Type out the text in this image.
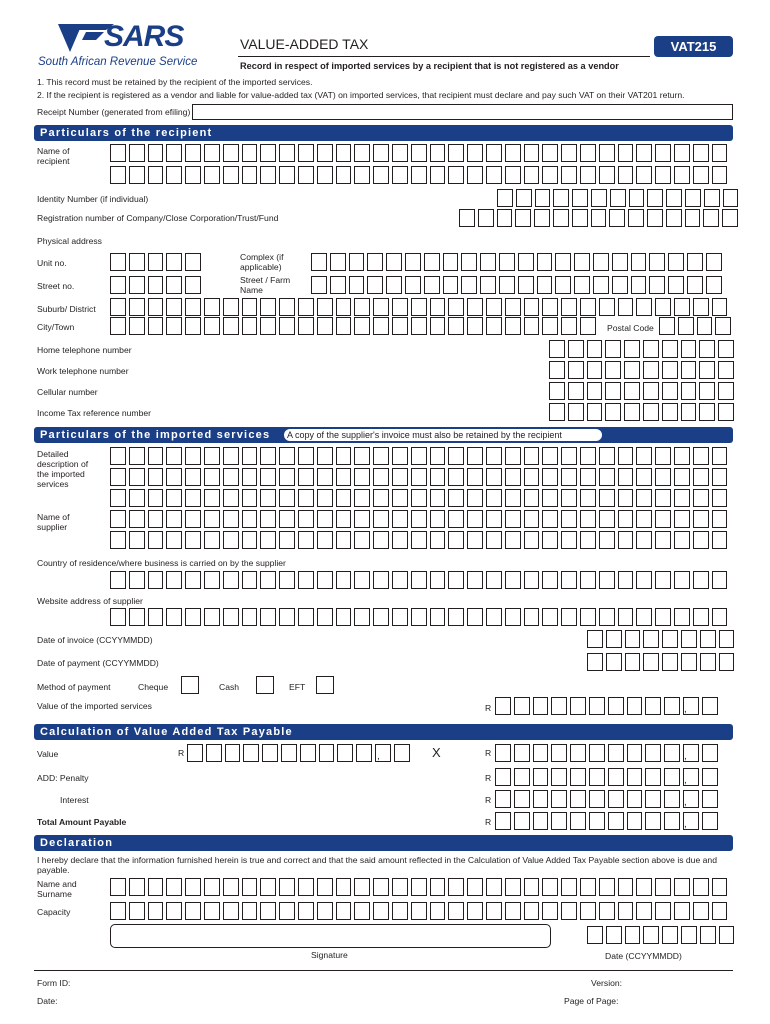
SARS
South African Revenue Service
VALUE-ADDED TAX	VAT215
Record in respect of imported services by a recipient that is not registered as a vendor
1. This record must be retained by the recipient of the imported services.
2. If the recipient is registered as a vendor and liable for value-added tax (VAT) on imported services, that recipient must declare and pay such VAT on their VAT201 return.
Receipt Number (generated from efiling)
Particulars of the recipient
Name of recipient
Identity Number (if individual)
Registration number of Company/Close Corporation/Trust/Fund
Physical address
Unit no.
Complex (if applicable)
Street no.
Street / Farm Name
Suburb/ District
City/Town	Postal Code
Home telephone number
Work telephone number
Cellular number
Income Tax reference number
Particulars of the imported services	A copy of the supplier's invoice must also be retained by the recipient
Detailed description of the imported services
Name of supplier
Country of residence/where business is carried on by the supplier
Website address of supplier
Date of invoice (CCYYMMDD)
Date of payment (CCYYMMDD)
Method of payment	Cheque	Cash	EFT
Value of the imported services	R	,
Calculation of Value Added Tax Payable
Value	R	,	X	R	,
ADD: Penalty	R	,
Interest	R	,
Total Amount Payable	R	,
Declaration
I hereby declare that the information furnished herein is true and correct and that the said amount reflected in the Calculation of Value Added Tax Payable section above is due and payable.
Name and Surname
Capacity
Signature	Date (CCYYMMDD)
Form ID:
Date:
Version:
Page of Page:
